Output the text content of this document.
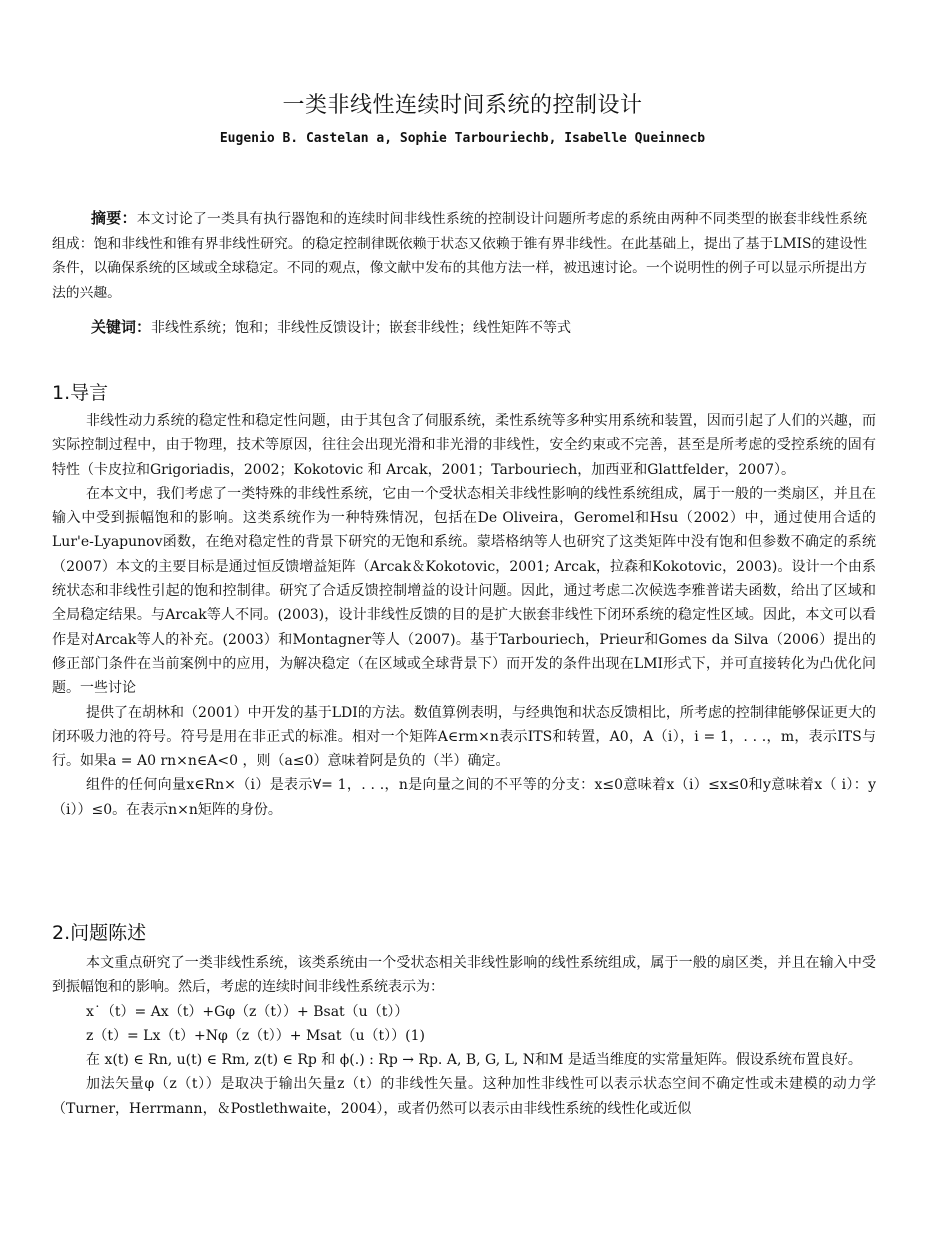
一类非线性连续时间系统的控制设计
Eugenio B. Castelan a, Sophie Tarbouriechb, Isabelle Queinnecb
摘要：本文讨论了一类具有执行器饱和的连续时间非线性系统的控制设计问题所考虑的系统由两种不同类型的嵌套非线性系统组成：饱和非线性和锥有界非线性研究。的稳定控制律既依赖于状态又依赖于锥有界非线性。在此基础上，提出了基于LMIS的建设性条件，以确保系统的区域或全球稳定。不同的观点，像文献中发布的其他方法一样，被迅速讨论。一个说明性的例子可以显示所提出方法的兴趣。
关键词：非线性系统；饱和；非线性反馈设计；嵌套非线性；线性矩阵不等式
1.导言

非线性动力系统的稳定性和稳定性问题，由于其包含了伺服系统，柔性系统等多种实用系统和装置，因而引起了人们的兴趣，而实际控制过程中，由于物理，技术等原因，往往会出现光滑和非光滑的非线性，安全约束或不完善，甚至是所考虑的受控系统的固有特性（卡皮拉和Grigoriadis，2002；Kokotovic 和 Arcak，2001；Tarbouriech，加西亚和Glattfelder，2007）。

在本文中，我们考虑了一类特殊的非线性系统，它由一个受状态相关非线性影响的线性系统组成，属于一般的一类扇区，并且在输入中受到振幅饱和的影响。这类系统作为一种特殊情况，包括在De Oliveira，Geromel和Hsu（2002）中，通过使用合适的Lur'e-Lyapunov函数，在绝对稳定性的背景下研究的无饱和系统。蒙塔格纳等人也研究了这类矩阵中没有饱和但参数不确定的系统（2007）本文的主要目标是通过恒反馈增益矩阵（Arcak＆Kokotovic，2001; Arcak，拉森和Kokotovic，2003)。设计一个由系统状态和非线性引起的饱和控制律。研究了合适反馈控制增益的设计问题。因此，通过考虑二次候选李雅普诺夫函数，给出了区域和全局稳定结果。与Arcak等人不同。(2003)，设计非线性反馈的目的是扩大嵌套非线性下闭环系统的稳定性区域。因此，本文可以看作是对Arcak等人的补充。(2003）和Montagner等人（2007)。基于Tarbouriech，Prieur和Gomes da Silva（2006）提出的修正部门条件在当前案例中的应用，为解决稳定（在区域或全球背景下）而开发的条件出现在LMI形式下，并可直接转化为凸优化问题。一些讨论

提供了在胡林和（2001）中开发的基于LDI的方法。数值算例表明，与经典饱和状态反馈相比，所考虑的控制律能够保证更大的闭环吸力池的符号。符号是用在非正式的标准。相对一个矩阵A∈rm×n表示ITS和转置，A0，A（i），i = 1，. . .，m，表示ITS与行。如果a = A0 rn×n∈A<0 ，则（a≤0）意味着阿是负的（半）确定。

组件的任何向量x∈Rn×（i）是表示∀= 1，. . .，n是向量之间的不平等的分支：x≤0意味着x（i）≤x≤0和y意味着x（ i）：y（i））≤0。在表示n×n矩阵的身份。

2.问题陈述

本文重点研究了一类非线性系统，该类系统由一个受状态相关非线性影响的线性系统组成，属于一般的扇区类，并且在输入中受到振幅饱和的影响。然后，考虑的连续时间非线性系统表示为：

x˙（t）= Ax（t）+Gφ（z（t））+ Bsat（u（t））

z（t）= Lx（t）+Nφ（z（t））+ Msat（u（t））(1)

在 x(t) ∈ Rn, u(t) ∈ Rm, z(t) ∈ Rp 和 ϕ(.) : Rp → Rp. A, B, G, L, N和M 是适当维度的实常量矩阵。假设系统布置良好。

加法矢量φ（z（t））是取决于输出矢量z（t）的非线性矢量。这种加性非线性可以表示状态空间不确定性或未建模的动力学（Turner，Herrmann，＆Postlethwaite，2004），或者仍然可以表示由非线性系统的线性化或近似
